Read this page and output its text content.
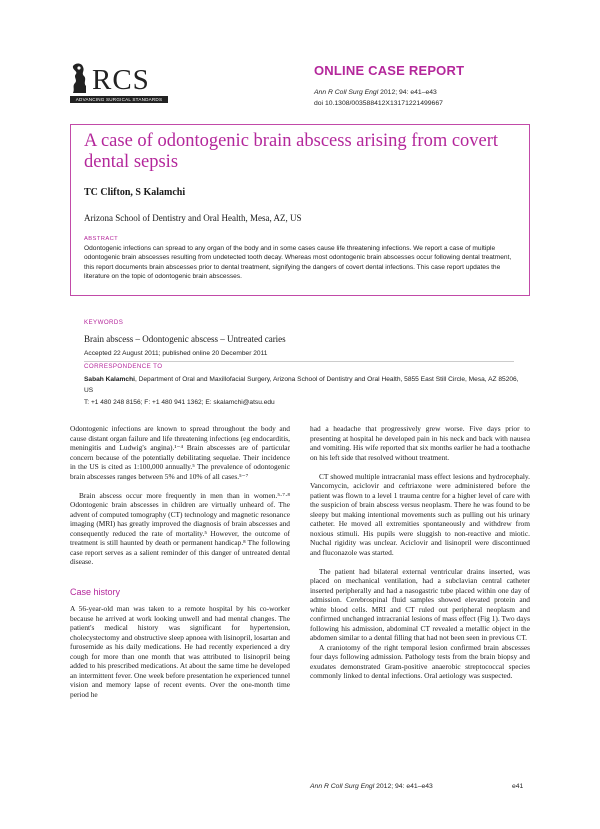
RCS
ADVANCING SURGICAL STANDARDS
ONLINE CASE REPORT
Ann R Coll Surg Engl 2012; 94: e41–e43
doi 10.1308/003588412X13171221499667
A case of odontogenic brain abscess arising from covert dental sepsis
TC Clifton, S Kalamchi
Arizona School of Dentistry and Oral Health, Mesa, AZ, US
ABSTRACT
Odontogenic infections can spread to any organ of the body and in some cases cause life threatening infections. We report a case of multiple odontogenic brain abscesses resulting from undetected tooth decay. Whereas most odontogenic brain abscesses occur following dental treatment, this report documents brain abscesses prior to dental treatment, signifying the dangers of covert dental infections. This case report updates the literature on the topic of odontogenic brain abscesses.
KEYWORDS
Brain abscess – Odontogenic abscess – Untreated caries
Accepted 22 August 2011; published online 20 December 2011
CORRESPONDENCE TO
Sabah Kalamchi, Department of Oral and Maxillofacial Surgery, Arizona School of Dentistry and Oral Health, 5855 East Still Circle, Mesa, AZ 85206, US
T: +1 480 248 8156; F: +1 480 941 1362; E: skalamchi@atsu.edu

Odontogenic infections are known to spread throughout the body and cause distant organ failure and life threatening infections (eg endocarditis, meningitis and Ludwig's angina).¹⁻⁴ Brain abscesses are of particular concern because of the potentially debilitating sequelae. Their incidence in the US is cited as 1:100,000 annually.⁵ The prevalence of odontogenic brain abscesses ranges between 5% and 10% of all cases.⁵⁻⁷

Brain abscess occur more frequently in men than in women.⁵·⁷·⁸ Odontogenic brain abscesses in children are virtually unheard of. The advent of computed tomography (CT) technology and magnetic resonance imaging (MRI) has greatly improved the diagnosis of brain abscesses and consequently reduced the rate of mortality.⁵ However, the outcome of treatment is still haunted by death or permanent handicap.⁸ The following case report serves as a salient reminder of this danger of untreated dental disease.

Case history

A 56-year-old man was taken to a remote hospital by his co-worker because he arrived at work looking unwell and had mental changes. The patient's medical history was significant for hypertension, cholecystectomy and obstructive sleep apnoea with lisinopril, losartan and furosemide as his daily medications. He had recently experienced a dry cough for more than one month that was attributed to lisinopril being added to his prescribed medications. At about the same time he developed an intermittent fever. One week before presentation he experienced tunnel vision and memory lapse of recent events. Over the one-month time period he

had a headache that progressively grew worse. Five days prior to presenting at hospital he developed pain in his neck and back with nausea and vomiting. His wife reported that six months earlier he had a toothache on his left side that resolved without treatment.

CT showed multiple intracranial mass effect lesions and hydrocephaly. Vancomycin, aciclovir and ceftriaxone were administered before the patient was flown to a level 1 trauma centre for a higher level of care with the suspicion of brain abscess versus neoplasm. There he was found to be sleepy but making intentional movements such as pulling out his urinary catheter. He moved all extremities spontaneously and withdrew from noxious stimuli. His pupils were sluggish to non-reactive and miotic. Nuchal rigidity was unclear. Aciclovir and lisinopril were discontinued and fluconazole was started.

The patient had bilateral external ventricular drains inserted, was placed on mechanical ventilation, had a subclavian central catheter inserted peripherally and had a nasogastric tube placed within one day of admission. Cerebrospinal fluid samples showed elevated protein and white blood cells. MRI and CT ruled out peripheral neoplasm and confirmed unchanged intracranial lesions of mass effect (Fig 1). Two days following his admission, abdominal CT revealed a metallic object in the abdomen similar to a dental filling that had not been seen in previous CT.

A craniotomy of the right temporal lesion confirmed brain abscesses four days following admission. Pathology tests from the brain biopsy and exudates demonstrated Gram-positive anaerobic streptococcal species commonly linked to dental infections. Oral aetiology was suspected.

Ann R Coll Surg Engl 2012; 94: e41–e43	e41
